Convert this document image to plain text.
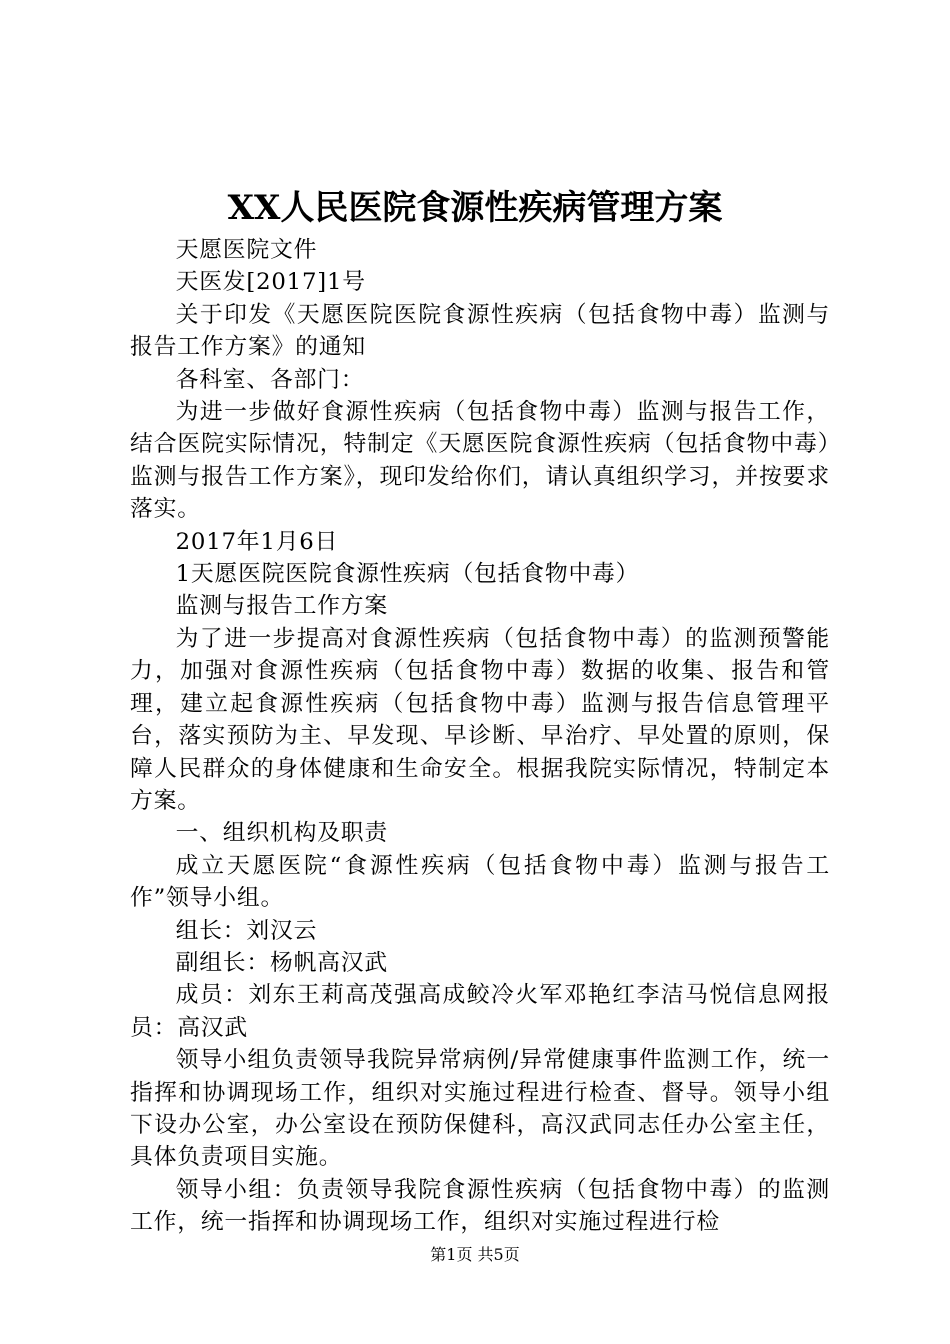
XX人民医院食源性疾病管理方案

天愿医院文件

天医发[2017]1号

关于印发《天愿医院医院食源性疾病（包括食物中毒）监测与报告工作方案》的通知

各科室、各部门：

为进一步做好食源性疾病（包括食物中毒）监测与报告工作，结合医院实际情况，特制定《天愿医院食源性疾病（包括食物中毒）监测与报告工作方案》，现印发给你们，请认真组织学习，并按要求落实。

2017年1月6日

1天愿医院医院食源性疾病（包括食物中毒）

监测与报告工作方案

为了进一步提高对食源性疾病（包括食物中毒）的监测预警能力，加强对食源性疾病（包括食物中毒）数据的收集、报告和管理，建立起食源性疾病（包括食物中毒）监测与报告信息管理平台，落实预防为主、早发现、早诊断、早治疗、早处置的原则，保障人民群众的身体健康和生命安全。根据我院实际情况，特制定本方案。

一、组织机构及职责

成立天愿医院“食源性疾病（包括食物中毒）监测与报告工作”领导小组。

组长：刘汉云

副组长：杨帆高汉武

成员：刘东王莉高茂强高成鲛冷火军邓艳红李洁马悦信息网报员：高汉武

领导小组负责领导我院异常病例/异常健康事件监测工作，统一指挥和协调现场工作，组织对实施过程进行检查、督导。领导小组下设办公室，办公室设在预防保健科，高汉武同志任办公室主任，具体负责项目实施。

领导小组：负责领导我院食源性疾病（包括食物中毒）的监测工作，统一指挥和协调现场工作，组织对实施过程进行检

第1页 共5页
